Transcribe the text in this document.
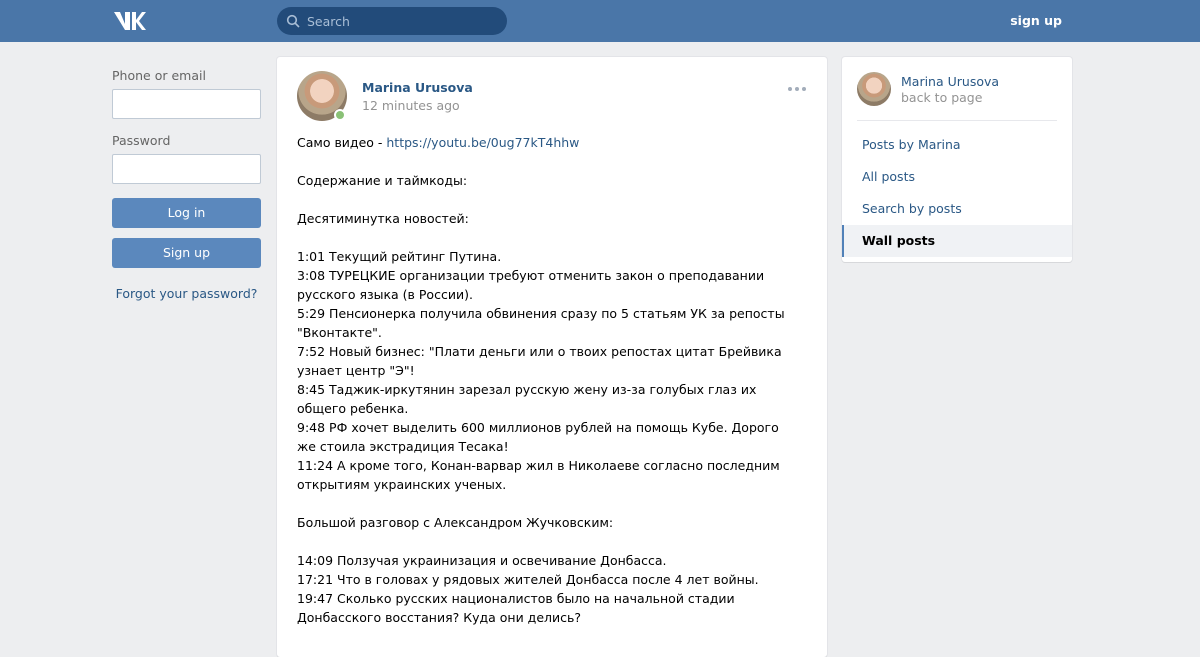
Search
sign up
Phone or email
Password
Log in
Sign up
Forgot your password?
Marina Urusova
12 minutes ago

Само видео - https://youtu.be/0ug77kT4hhw

Содержание и таймкоды:

Десятиминутка новостей:

1:01 Текущий рейтинг Путина.

3:08 ТУРЕЦКИЕ организации требуют отменить закон о преподавании русского языка (в России).

5:29 Пенсионерка получила обвинения сразу по 5 статьям УК за репосты "Вконтакте".

7:52 Новый бизнес: "Плати деньги или о твоих репостах цитат Брейвика узнает центр "Э"!

8:45 Таджик-иркутянин зарезал русскую жену из-за голубых глаз их общего ребенка.

9:48 РФ хочет выделить 600 миллионов рублей на помощь Кубе. Дорого же стоила экстрадиция Тесака!

11:24 А кроме того, Конан-варвар жил в Николаеве согласно последним открытиям украинских ученых.

Большой разговор с Александром Жучковским:

14:09 Ползучая украинизация и освечивание Донбасса.

17:21 Что в головах у рядовых жителей Донбасса после 4 лет войны.

19:47 Сколько русских националистов было на начальной стадии Донбасского восстания? Куда они делись?

Marina Urusova
back to page
Posts by Marina
All posts
Search by posts
Wall posts
